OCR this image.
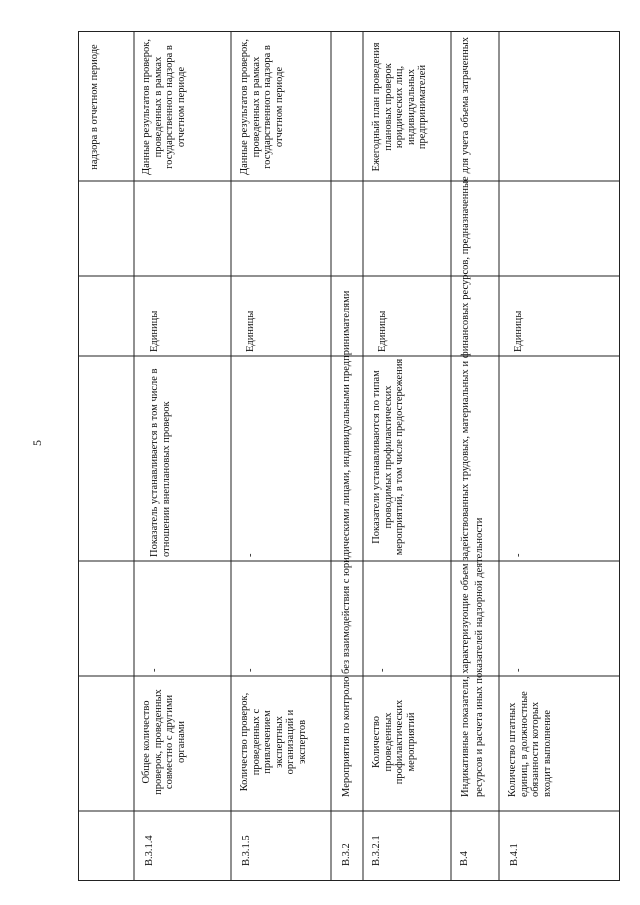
5
надзора в отчетном периоде
В.3.1.4
Общее количество проверок, проведенных совместно с другими органами
-
Показатель устанавливается в том числе в отношении внеплановых проверок
Единицы
Данные результатов проверок, проведенных в рамках государственного надзора в отчетном периоде
В.3.1.5
Количество проверок, проведенных с привлечением экспертных организаций и экспертов
-
-
Единицы
Данные результатов проверок, проведенных в рамках государственного надзора в отчетном периоде
В.3.2
Мероприятия по контролю без взаимодействия с юридическими лицами, индивидуальными предпринимателями
В.3.2.1
Количество проведенных профилактических мероприятий
-
Показатели устанавливаются по типам проводимых профилактических мероприятий, в том числе предостережения
Единицы
Ежегодный план проведения плановых проверок юридических лиц, индивидуальных предпринимателей
В.4
Индикативные показатели, характеризующие объем задействованных трудовых, материальных и финансовых ресурсов, предназначенные для учета объема затраченных ресурсов и расчета иных показателей надзорной деятельности
В.4.1
Количество штатных единиц, в должностные обязанности которых входит выполнение
-
-
Единицы
